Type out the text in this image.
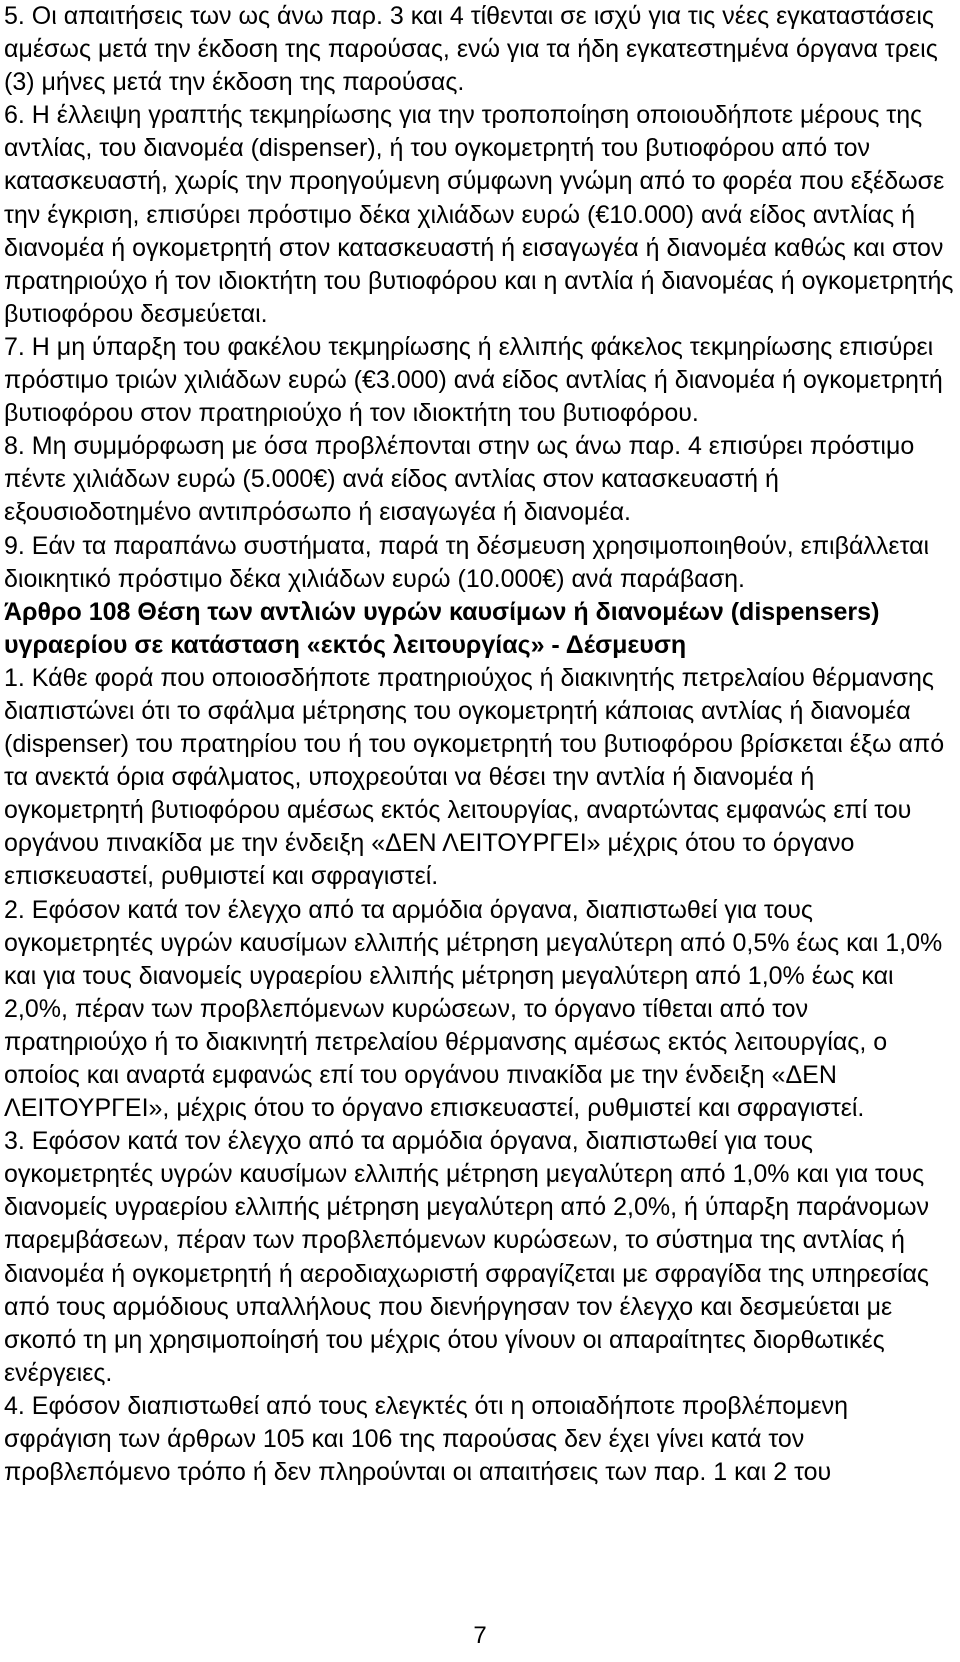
5. Οι απαιτήσεις των ως άνω παρ. 3 και 4 τίθενται σε ισχύ για τις νέες εγκαταστάσεις αμέσως μετά την έκδοση της παρούσας, ενώ για τα ήδη εγκατεστημένα όργανα τρεις (3) μήνες μετά την έκδοση της παρούσας.

6. Η έλλειψη γραπτής τεκμηρίωσης για την τροποποίηση οποιουδήποτε μέρους της αντλίας, του διανομέα (dispenser), ή του ογκομετρητή του βυτιοφόρου από τον κατασκευαστή, χωρίς την προηγούμενη σύμφωνη γνώμη από το φορέα που εξέδωσε την έγκριση, επισύρει πρόστιμο δέκα χιλιάδων ευρώ (€10.000) ανά είδος αντλίας ή διανομέα ή ογκομετρητή στον κατασκευαστή ή εισαγωγέα ή διανομέα καθώς και στον πρατηριούχο ή τον ιδιοκτήτη του βυτιοφόρου και η αντλία ή διανομέας ή ογκομετρητής βυτιοφόρου δεσμεύεται.

7. Η μη ύπαρξη του φακέλου τεκμηρίωσης ή ελλιπής φάκελος τεκμηρίωσης επισύρει πρόστιμο τριών χιλιάδων ευρώ (€3.000) ανά είδος αντλίας ή διανομέα ή ογκομετρητή βυτιοφόρου στον πρατηριούχο ή τον ιδιοκτήτη του βυτιοφόρου.

8. Μη συμμόρφωση με όσα προβλέπονται στην ως άνω παρ. 4 επισύρει πρόστιμο πέντε χιλιάδων ευρώ (5.000€) ανά είδος αντλίας στον κατασκευαστή ή εξουσιοδοτημένο αντιπρόσωπο ή εισαγωγέα ή διανομέα.

9. Εάν τα παραπάνω συστήματα, παρά τη δέσμευση χρησιμοποιηθούν, επιβάλλεται διοικητικό πρόστιμο δέκα χιλιάδων ευρώ (10.000€) ανά παράβαση.

Άρθρο 108 Θέση των αντλιών υγρών καυσίμων ή διανομέων (dispensers) υγραερίου σε κατάσταση «εκτός λειτουργίας» - Δέσμευση

1. Κάθε φορά που οποιοσδήποτε πρατηριούχος ή διακινητής πετρελαίου θέρμανσης διαπιστώνει ότι το σφάλμα μέτρησης του ογκομετρητή κάποιας αντλίας ή διανομέα (dispenser) του πρατηρίου του ή του ογκομετρητή του βυτιοφόρου βρίσκεται έξω από τα ανεκτά όρια σφάλματος, υποχρεούται να θέσει την αντλία ή διανομέα ή ογκομετρητή βυτιοφόρου αμέσως εκτός λειτουργίας, αναρτώντας εμφανώς επί του οργάνου πινακίδα με την ένδειξη «ΔΕΝ ΛΕΙΤΟΥΡΓΕΙ» μέχρις ότου το όργανο επισκευαστεί, ρυθμιστεί και σφραγιστεί.

2. Εφόσον κατά τον έλεγχο από τα αρμόδια όργανα, διαπιστωθεί για τους ογκομετρητές υγρών καυσίμων ελλιπής μέτρηση μεγαλύτερη από 0,5% έως και 1,0% και για τους διανομείς υγραερίου ελλιπής μέτρηση μεγαλύτερη από 1,0% έως και 2,0%, πέραν των προβλεπόμενων κυρώσεων, το όργανο τίθεται από τον πρατηριούχο ή το διακινητή πετρελαίου θέρμανσης αμέσως εκτός λειτουργίας, ο οποίος και αναρτά εμφανώς επί του οργάνου πινακίδα με την ένδειξη «ΔΕΝ ΛΕΙΤΟΥΡΓΕΙ», μέχρις ότου το όργανο επισκευαστεί, ρυθμιστεί και σφραγιστεί.

3. Εφόσον κατά τον έλεγχο από τα αρμόδια όργανα, διαπιστωθεί για τους ογκομετρητές υγρών καυσίμων ελλιπής μέτρηση μεγαλύτερη από 1,0% και για τους διανομείς υγραερίου ελλιπής μέτρηση μεγαλύτερη από 2,0%, ή ύπαρξη παράνομων παρεμβάσεων, πέραν των προβλεπόμενων κυρώσεων, το σύστημα της αντλίας ή διανομέα ή ογκομετρητή ή αεροδιαχωριστή σφραγίζεται με σφραγίδα της υπηρεσίας από τους αρμόδιους υπαλλήλους που διενήργησαν τον έλεγχο και δεσμεύεται με σκοπό τη μη χρησιμοποίησή του μέχρις ότου γίνουν οι απαραίτητες διορθωτικές ενέργειες.

4. Εφόσον διαπιστωθεί από τους ελεγκτές ότι η οποιαδήποτε προβλέπομενη σφράγιση των άρθρων 105 και 106 της παρούσας δεν έχει γίνει κατά τον προβλεπόμενο τρόπο ή δεν πληρούνται οι απαιτήσεις των παρ. 1 και 2 του

7
